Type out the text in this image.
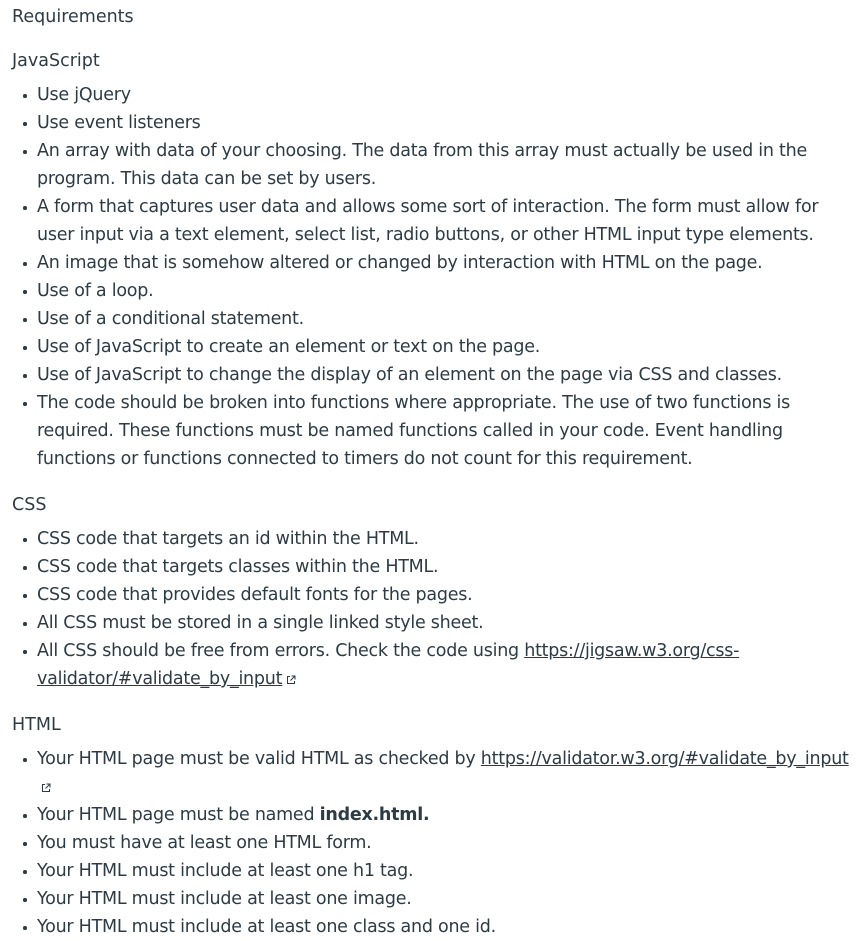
Requirements
JavaScript
Use jQuery
Use event listeners
An array with data of your choosing. The data from this array must actually be used in the program. This data can be set by users.
A form that captures user data and allows some sort of interaction. The form must allow for user input via a text element, select list, radio buttons, or other HTML input type elements.
An image that is somehow altered or changed by interaction with HTML on the page.
Use of a loop.
Use of a conditional statement.
Use of JavaScript to create an element or text on the page.
Use of JavaScript to change the display of an element on the page via CSS and classes.
The code should be broken into functions where appropriate. The use of two functions is required. These functions must be named functions called in your code. Event handling functions or functions connected to timers do not count for this requirement.
CSS
CSS code that targets an id within the HTML.
CSS code that targets classes within the HTML.
CSS code that provides default fonts for the pages.
All CSS must be stored in a single linked style sheet.
All CSS should be free from errors. Check the code using https://jigsaw.w3.org/css-validator/#validate_by_input
HTML
Your HTML page must be valid HTML as checked by https://validator.w3.org/#validate_by_input
Your HTML page must be named index.html.
You must have at least one HTML form.
Your HTML must include at least one h1 tag.
Your HTML must include at least one image.
Your HTML must include at least one class and one id.
